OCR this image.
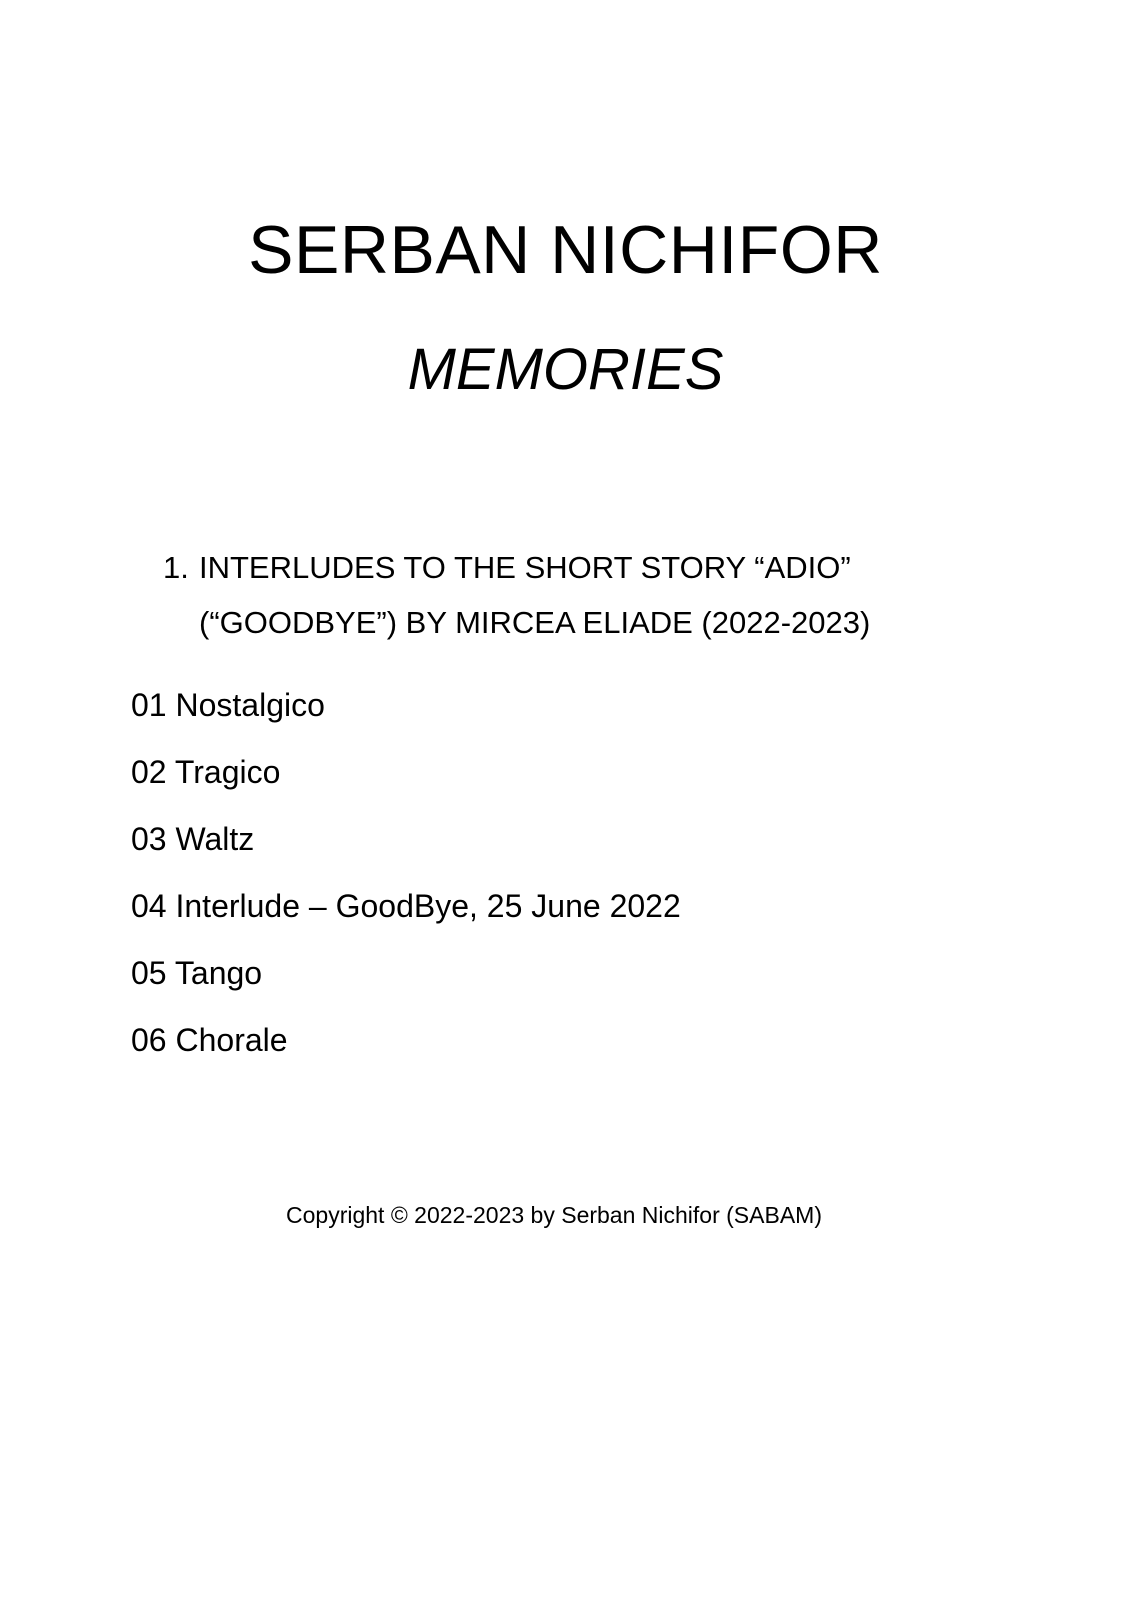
SERBAN NICHIFOR
MEMORIES
1. INTERLUDES TO THE SHORT STORY “ADIO”
(“GOODBYE”) BY MIRCEA ELIADE (2022-2023)
01 Nostalgico
02 Tragico
03 Waltz
04 Interlude – GoodBye, 25 June 2022
05 Tango
06 Chorale

Copyright © 2022-2023 by Serban Nichifor (SABAM)
